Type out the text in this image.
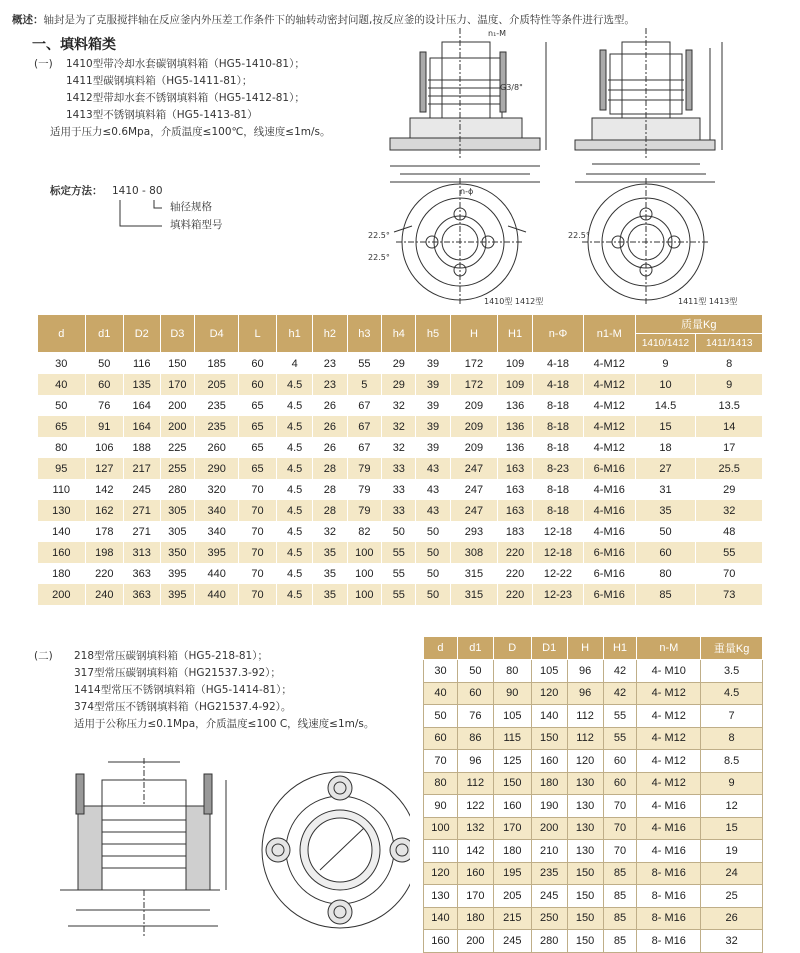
概述：轴封是为了克服搅拌轴在反应釜内外压差工作条件下的轴转动密封问题,按反应釜的设计压力、温度、介质特性等条件进行选型。
一、填料箱类
(一) 1410型带冷却水套碳钢填料箱（HG5-1410-81）；
1411型碳钢填料箱（HG5-1411-81）；
1412型带却水套不锈钢填料箱（HG5-1412-81）；
1413型不锈钢填料箱（HG5-1413-81）
适用于压力≤0.6Mpa，介质温度≤100℃，线速度≤1m/s。
标定方法： 1410 - 80
轴径规格
填料箱型号
n₁-M
G3/8"
n-ϕ
22.5°
22.5°
22.5°
1410型 1412型	1411型 1413型
d	d1	D2	D3	D4	L	h1	h2	h3	h4	h5	H	H1	n-Φ	n1-M	质量Kg	
															1410/1412	1411/1413
30	50	116	150	185	60	4	23	55	29	39	172	109	4-18	4-M12	9	8
40	60	135	170	205	60	4.5	23	5	29	39	172	109	4-18	4-M12	10	9
50	76	164	200	235	65	4.5	26	67	32	39	209	136	8-18	4-M12	14.5	13.5
65	91	164	200	235	65	4.5	26	67	32	39	209	136	8-18	4-M12	15	14
80	106	188	225	260	65	4.5	26	67	32	39	209	136	8-18	4-M12	18	17
95	127	217	255	290	65	4.5	28	79	33	43	247	163	8-23	6-M16	27	25.5
110	142	245	280	320	70	4.5	28	79	33	43	247	163	8-18	4-M16	31	29
130	162	271	305	340	70	4.5	28	79	33	43	247	163	8-18	4-M16	35	32
140	178	271	305	340	70	4.5	32	82	50	50	293	183	12-18	4-M16	50	48
160	198	313	350	395	70	4.5	35	100	55	50	308	220	12-18	6-M16	60	55
180	220	363	395	440	70	4.5	35	100	55	50	315	220	12-22	6-M16	80	70
200	240	363	395	440	70	4.5	35	100	55	50	315	220	12-23	6-M16	85	73
(二) 218型常压碳钢填料箱（HG5-218-81）；
317型常压碳钢填料箱（HG21537.3-92）；
1414型常压不锈钢填料箱（HG5-1414-81）；
374型常压不锈钢填料箱（HG21537.4-92）。
适用于公称压力≤0.1Mpa，介质温度≤100 C，线速度≤1m/s。
d	d1	D	D1	H	H1	n-M	重量Kg
30	50	80	105	96	42	4- M10	3.5
40	60	90	120	96	42	4- M12	4.5
50	76	105	140	112	55	4- M12	7
60	86	115	150	112	55	4- M12	8
70	96	125	160	120	60	4- M12	8.5
80	112	150	180	130	60	4- M12	9
90	122	160	190	130	70	4- M16	12
100	132	170	200	130	70	4- M16	15
110	142	180	210	130	70	4- M16	19
120	160	195	235	150	85	8- M16	24
130	170	205	245	150	85	8- M16	25
140	180	215	250	150	85	8- M16	26
160	200	245	280	150	85	8- M16	32
